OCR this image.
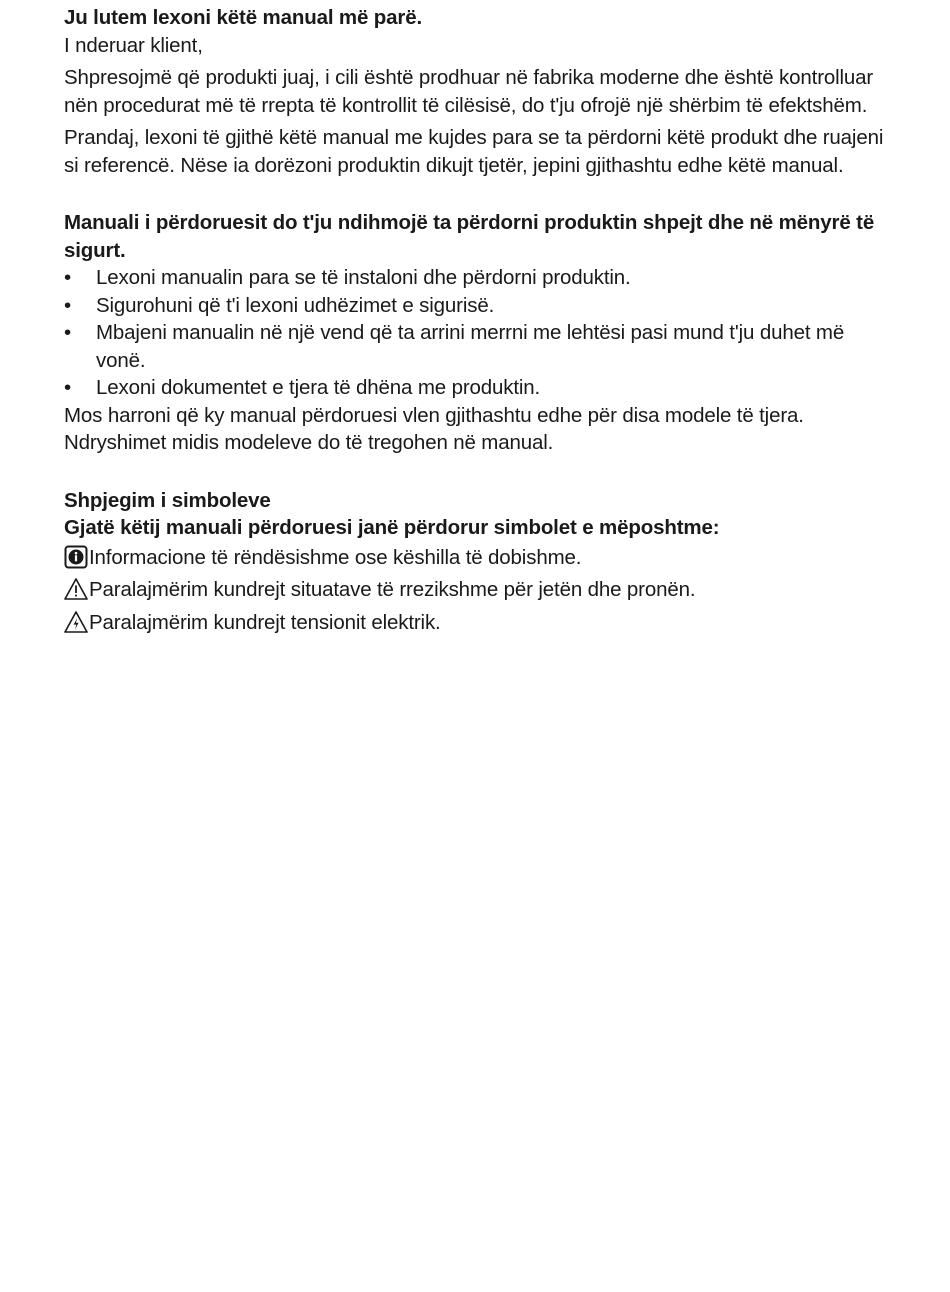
Ju lutem lexoni këtë manual më parë.

I nderuar klient,

Shpresojmë që produkti juaj, i cili është prodhuar në fabrika moderne dhe është kontrolluar nën procedurat më të rrepta të kontrollit të cilësisë, do t'ju ofrojë një shërbim të efektshëm.

Prandaj, lexoni të gjithë këtë manual me kujdes para se ta përdorni këtë produkt dhe ruajeni si referencë. Nëse ia dorëzoni produktin dikujt tjetër, jepini gjithashtu edhe këtë manual.

Manuali i përdoruesit do t'ju ndihmojë ta përdorni produktin shpejt dhe në mënyrë të sigurt.

•	Lexoni manualin para se të instaloni dhe përdorni produktin.
•	Sigurohuni që t'i lexoni udhëzimet e sigurisë.
•	Mbajeni manualin në një vend që ta arrini merrni me lehtësi pasi mund t'ju duhet më vonë.
•	Lexoni dokumentet e tjera të dhëna me produktin.

Mos harroni që ky manual përdoruesi vlen gjithashtu edhe për disa modele të tjera. Ndryshimet midis modeleve do të tregohen në manual.

Shpjegim i simboleve

Gjatë këtij manuali përdoruesi janë përdorur simbolet e mëposhtme:

Informacione të rëndësishme ose këshilla të dobishme.
Paralajmërim kundrejt situatave të rrezikshme për jetën dhe pronën.
Paralajmërim kundrejt tensionit elektrik.
